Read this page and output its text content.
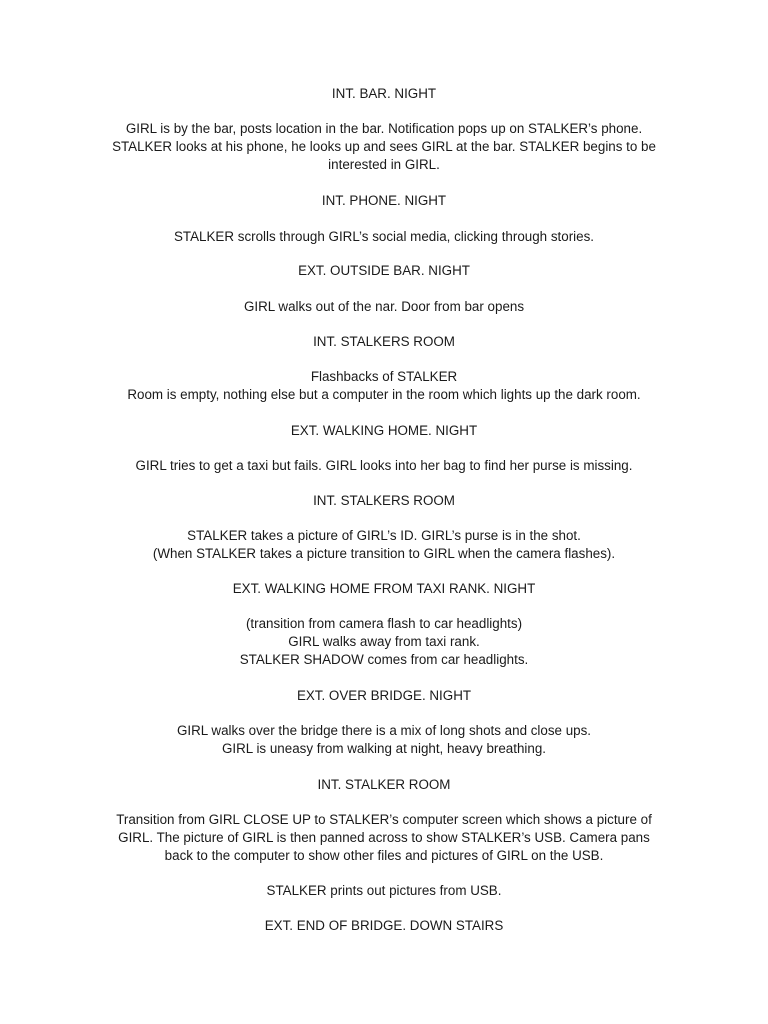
INT. BAR. NIGHT
GIRL is by the bar, posts location in the bar. Notification pops up on STALKER’s phone.
STALKER looks at his phone, he looks up and sees GIRL at the bar. STALKER begins to be
interested in GIRL.
INT. PHONE. NIGHT
STALKER scrolls through GIRL’s social media, clicking through stories.
EXT. OUTSIDE BAR. NIGHT
GIRL walks out of the nar. Door from bar opens
INT. STALKERS ROOM
Flashbacks of STALKER
Room is empty, nothing else but a computer in the room which lights up the dark room.
EXT. WALKING HOME. NIGHT
GIRL tries to get a taxi but fails. GIRL looks into her bag to find her purse is missing.
INT. STALKERS ROOM
STALKER takes a picture of GIRL’s ID. GIRL’s purse is in the shot.
(When STALKER takes a picture transition to GIRL when the camera flashes).
EXT. WALKING HOME FROM TAXI RANK. NIGHT
(transition from camera flash to car headlights)
GIRL walks away from taxi rank.
STALKER SHADOW comes from car headlights.
EXT. OVER BRIDGE. NIGHT
GIRL walks over the bridge there is a mix of long shots and close ups.
GIRL is uneasy from walking at night, heavy breathing.
INT. STALKER ROOM
Transition from GIRL CLOSE UP to STALKER’s computer screen which shows a picture of
GIRL. The picture of GIRL is then panned across to show STALKER’s USB. Camera pans
back to the computer to show other files and pictures of GIRL on the USB.
STALKER prints out pictures from USB.
EXT. END OF BRIDGE. DOWN STAIRS
